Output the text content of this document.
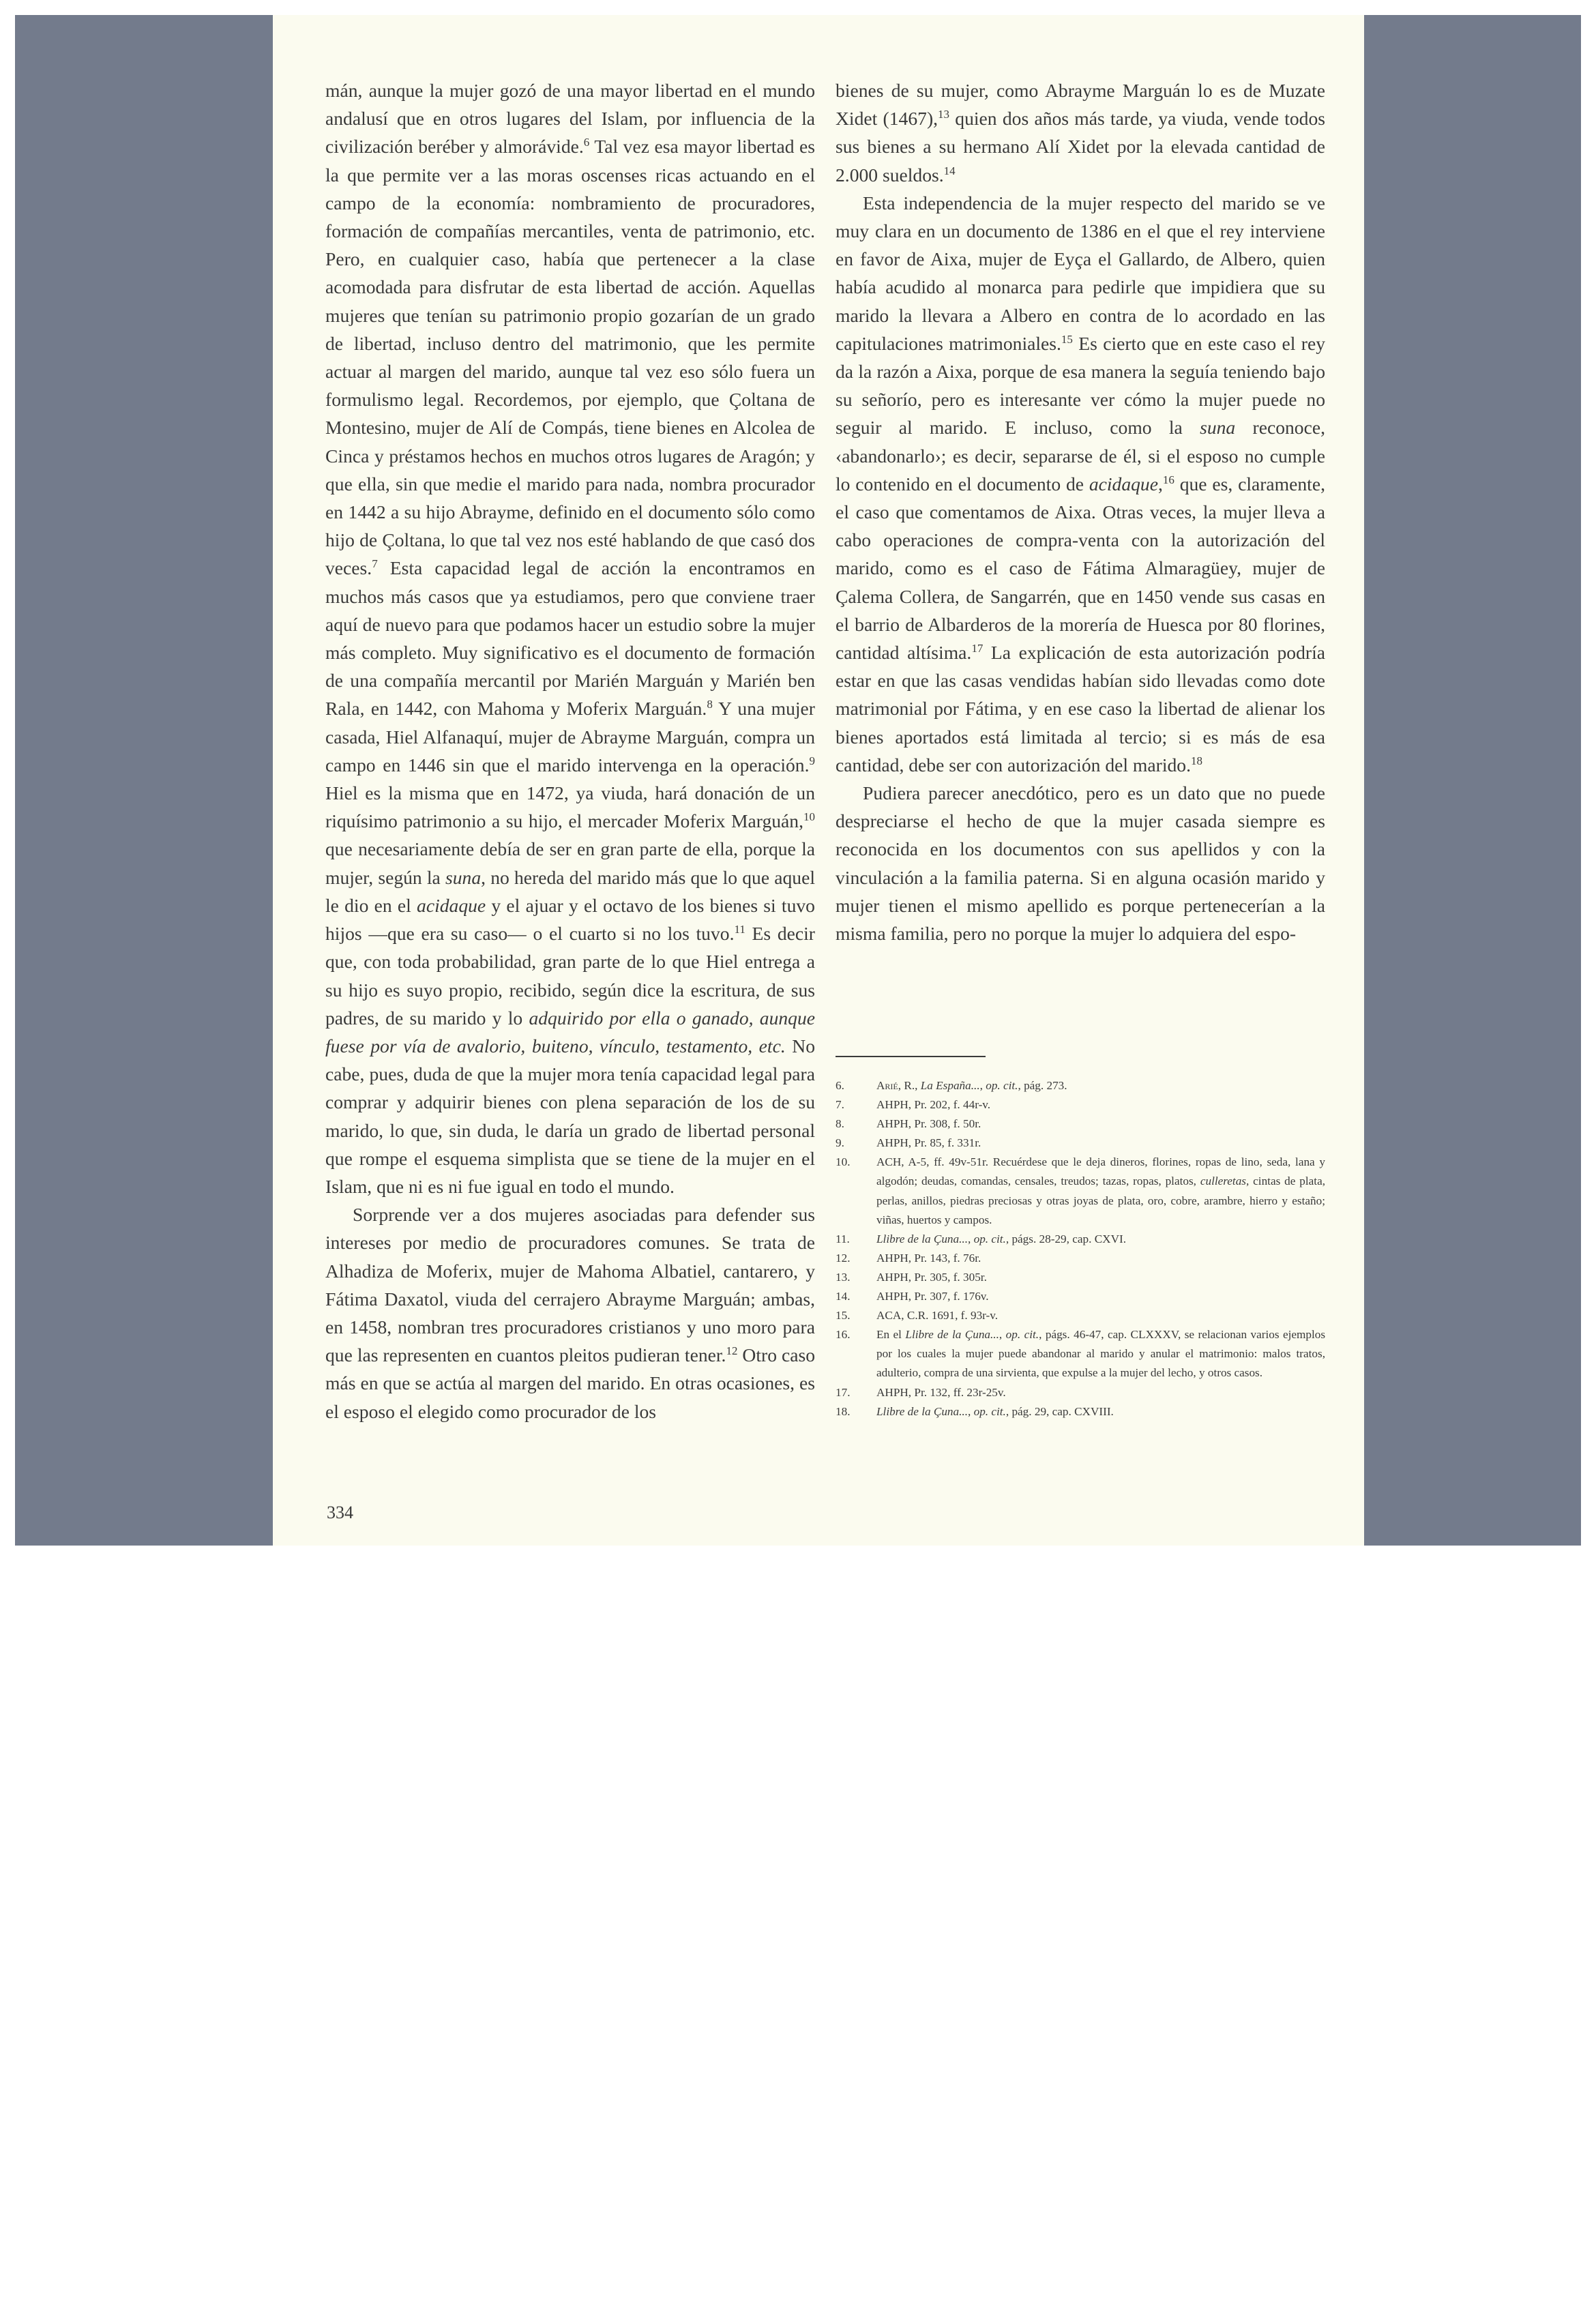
mán, aunque la mujer gozó de una mayor libertad en el mundo andalusí que en otros lugares del Islam, por influencia de la civilización beréber y almorávide.$^6$ Tal vez esa mayor libertad es la que permite ver a las moras oscenses ricas actuando en el campo de la economía: nombramiento de procuradores, formación de compañías mercantiles, venta de patrimonio, etc. Pero, en cualquier caso, había que pertenecer a la clase acomodada para disfrutar de esta libertad de acción. Aquellas mujeres que tenían su patrimonio propio gozarían de un grado de libertad, incluso dentro del matrimonio, que les permite actuar al margen del marido, aunque tal vez eso sólo fuera un formulismo legal. Recordemos, por ejemplo, que Çoltana de Montesino, mujer de Alí de Compás, tiene bienes en Alcolea de Cinca y préstamos hechos en muchos otros lugares de Aragón; y que ella, sin que medie el marido para nada, nombra procurador en 1442 a su hijo Abrayme, definido en el documento sólo como hijo de Çoltana, lo que tal vez nos esté hablando de que casó dos veces.$^7$ Esta capacidad legal de acción la encontramos en muchos más casos que ya estudiamos, pero que conviene traer aquí de nuevo para que podamos hacer un estudio sobre la mujer más completo. Muy significativo es el documento de formación de una compañía mercantil por Marién Marguán y Marién ben Rala, en 1442, con Mahoma y Moferix Marguán.$^8$ Y una mujer casada, Hiel Alfanaquí, mujer de Abrayme Marguán, compra un campo en 1446 sin que el marido intervenga en la operación.$^9$ Hiel es la misma que en 1472, ya viuda, hará donación de un riquísimo patrimonio a su hijo, el mercader Moferix Marguán,$^{10}$ que necesariamente debía de ser en gran parte de ella, porque la mujer, según la suna, no hereda del marido más que lo que aquel le dio en el acidaque y el ajuar y el octavo de los bienes si tuvo hijos —que era su caso— o el cuarto si no los tuvo.$^{11}$ Es decir que, con toda probabilidad, gran parte de lo que Hiel entrega a su hijo es suyo propio, recibido, según dice la escritura, de sus padres, de su marido y lo adquirido por ella o ganado, aunque fuese por vía de avalorio, buiteno, vínculo, testamento, etc. No cabe, pues, duda de que la mujer mora tenía capacidad legal para comprar y adquirir bienes con plena separación de los de su marido, lo que, sin duda, le daría un grado de libertad personal que rompe el esquema simplista que se tiene de la mujer en el Islam, que ni es ni fue igual en todo el mundo.

Sorprende ver a dos mujeres asociadas para defender sus intereses por medio de procuradores comunes. Se trata de Alhadiza de Moferix, mujer de Mahoma Albatiel, cantarero, y Fátima Daxatol, viuda del cerrajero Abrayme Marguán; ambas, en 1458, nombran tres procuradores cristianos y uno moro para que las representen en cuantos pleitos pudieran tener.$^{12}$ Otro caso más en que se actúa al margen del marido. En otras ocasiones, es el esposo el elegido como procurador de los

bienes de su mujer, como Abrayme Marguán lo es de Muzate Xidet (1467),$^{13}$ quien dos años más tarde, ya viuda, vende todos sus bienes a su hermano Alí Xidet por la elevada cantidad de 2.000 sueldos.$^{14}$

Esta independencia de la mujer respecto del marido se ve muy clara en un documento de 1386 en el que el rey interviene en favor de Aixa, mujer de Eyça el Gallardo, de Albero, quien había acudido al monarca para pedirle que impidiera que su marido la llevara a Albero en contra de lo acordado en las capitulaciones matrimoniales.$^{15}$ Es cierto que en este caso el rey da la razón a Aixa, porque de esa manera la seguía teniendo bajo su señorío, pero es interesante ver cómo la mujer puede no seguir al marido. E incluso, como la suna reconoce, ‹abandonarlo›; es decir, separarse de él, si el esposo no cumple lo contenido en el documento de acidaque,$^{16}$ que es, claramente, el caso que comentamos de Aixa. Otras veces, la mujer lleva a cabo operaciones de compra-venta con la autorización del marido, como es el caso de Fátima Almaragüey, mujer de Çalema Collera, de Sangarrén, que en 1450 vende sus casas en el barrio de Albarderos de la morería de Huesca por 80 florines, cantidad altísima.$^{17}$ La explicación de esta autorización podría estar en que las casas vendidas habían sido llevadas como dote matrimonial por Fátima, y en ese caso la libertad de alienar los bienes aportados está limitada al tercio; si es más de esa cantidad, debe ser con autorización del marido.$^{18}$

Pudiera parecer anecdótico, pero es un dato que no puede despreciarse el hecho de que la mujer casada siempre es reconocida en los documentos con sus apellidos y con la vinculación a la familia paterna. Si en alguna ocasión marido y mujer tienen el mismo apellido es porque pertenecerían a la misma familia, pero no porque la mujer lo adquiera del espo-

6.	Arié, R., La España..., op. cit., pág. 273.
7.	AHPH, Pr. 202, f. 44r-v.
8.	AHPH, Pr. 308, f. 50r.
9.	AHPH, Pr. 85, f. 331r.
10.	ACH, A-5, ff. 49v-51r. Recuérdese que le deja dineros, florines, ropas de lino, seda, lana y algodón; deudas, comandas, censales, treudos; tazas, ropas, platos, culleretas, cintas de plata, perlas, anillos, piedras preciosas y otras joyas de plata, oro, cobre, arambre, hierro y estaño; viñas, huertos y campos.
11.	Llibre de la Çuna..., op. cit., págs. 28-29, cap. CXVI.
12.	AHPH, Pr. 143, f. 76r.
13.	AHPH, Pr. 305, f. 305r.
14.	AHPH, Pr. 307, f. 176v.
15.	ACA, C.R. 1691, f. 93r-v.
16.	En el Llibre de la Çuna..., op. cit., págs. 46-47, cap. CLXXXV, se relacionan varios ejemplos por los cuales la mujer puede abandonar al marido y anular el matrimonio: malos tratos, adulterio, compra de una sirvienta, que expulse a la mujer del lecho, y otros casos.
17.	AHPH, Pr. 132, ff. 23r-25v.
18.	Llibre de la Çuna..., op. cit., pág. 29, cap. CXVIII.
334
